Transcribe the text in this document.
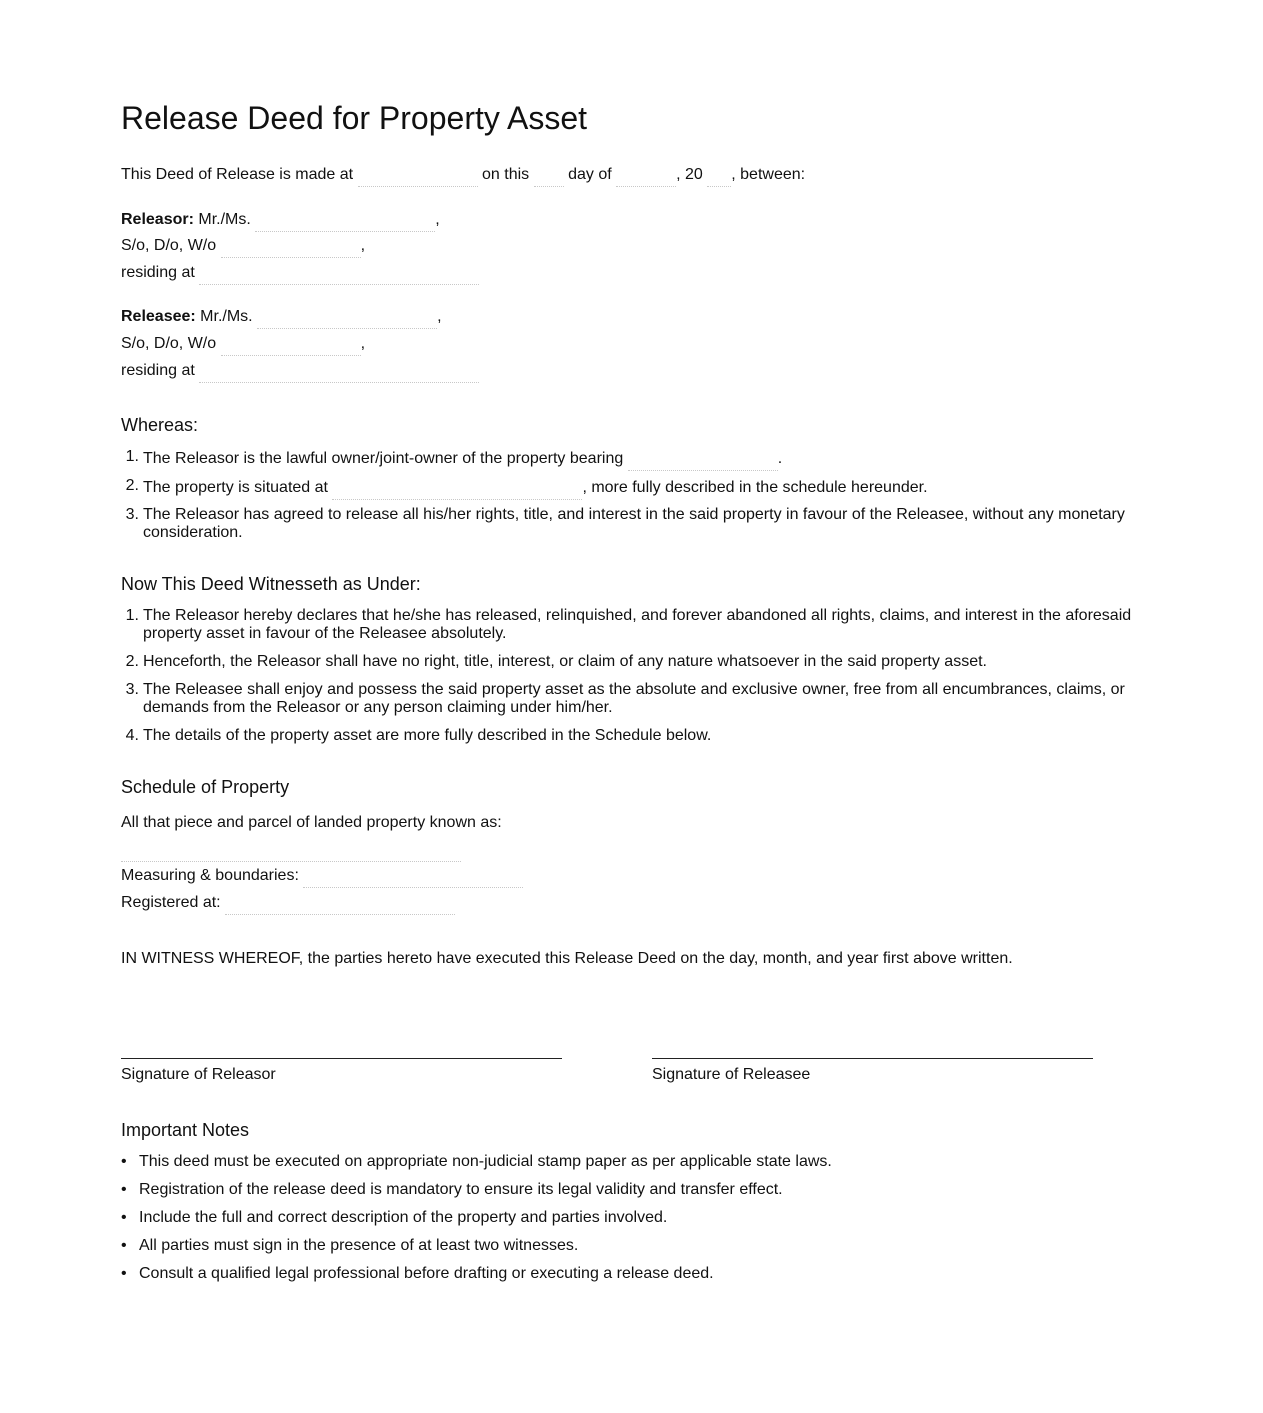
Release Deed for Property Asset
This Deed of Release is made at	on this day of	, 20 , between:
Releasor: Mr./Ms.	,
S/o, D/o, W/o	,
residing at
Releasee: Mr./Ms.	,
S/o, D/o, W/o	,
residing at
Whereas:
1. The Releasor is the lawful owner/joint-owner of the property bearing	.
2. The property is situated at	, more fully described in the schedule hereunder.
3. The Releasor has agreed to release all his/her rights, title, and interest in the said property in favour of the Releasee, without any monetary consideration.
Now This Deed Witnesseth as Under:
1. The Releasor hereby declares that he/she has released, relinquished, and forever abandoned all rights, claims, and interest in the aforesaid property asset in favour of the Releasee absolutely.
2. Henceforth, the Releasor shall have no right, title, interest, or claim of any nature whatsoever in the said property asset.
3. The Releasee shall enjoy and possess the said property asset as the absolute and exclusive owner, free from all encumbrances, claims, or demands from the Releasor or any person claiming under him/her.
4. The details of the property asset are more fully described in the Schedule below.
Schedule of Property
All that piece and parcel of landed property known as:
Measuring & boundaries:
Registered at:
IN WITNESS WHEREOF, the parties hereto have executed this Release Deed on the day, month, and year first above written.
Signature of Releasor	Signature of Releasee
Important Notes
• This deed must be executed on appropriate non-judicial stamp paper as per applicable state laws.
• Registration of the release deed is mandatory to ensure its legal validity and transfer effect.
• Include the full and correct description of the property and parties involved.
• All parties must sign in the presence of at least two witnesses.
• Consult a qualified legal professional before drafting or executing a release deed.
